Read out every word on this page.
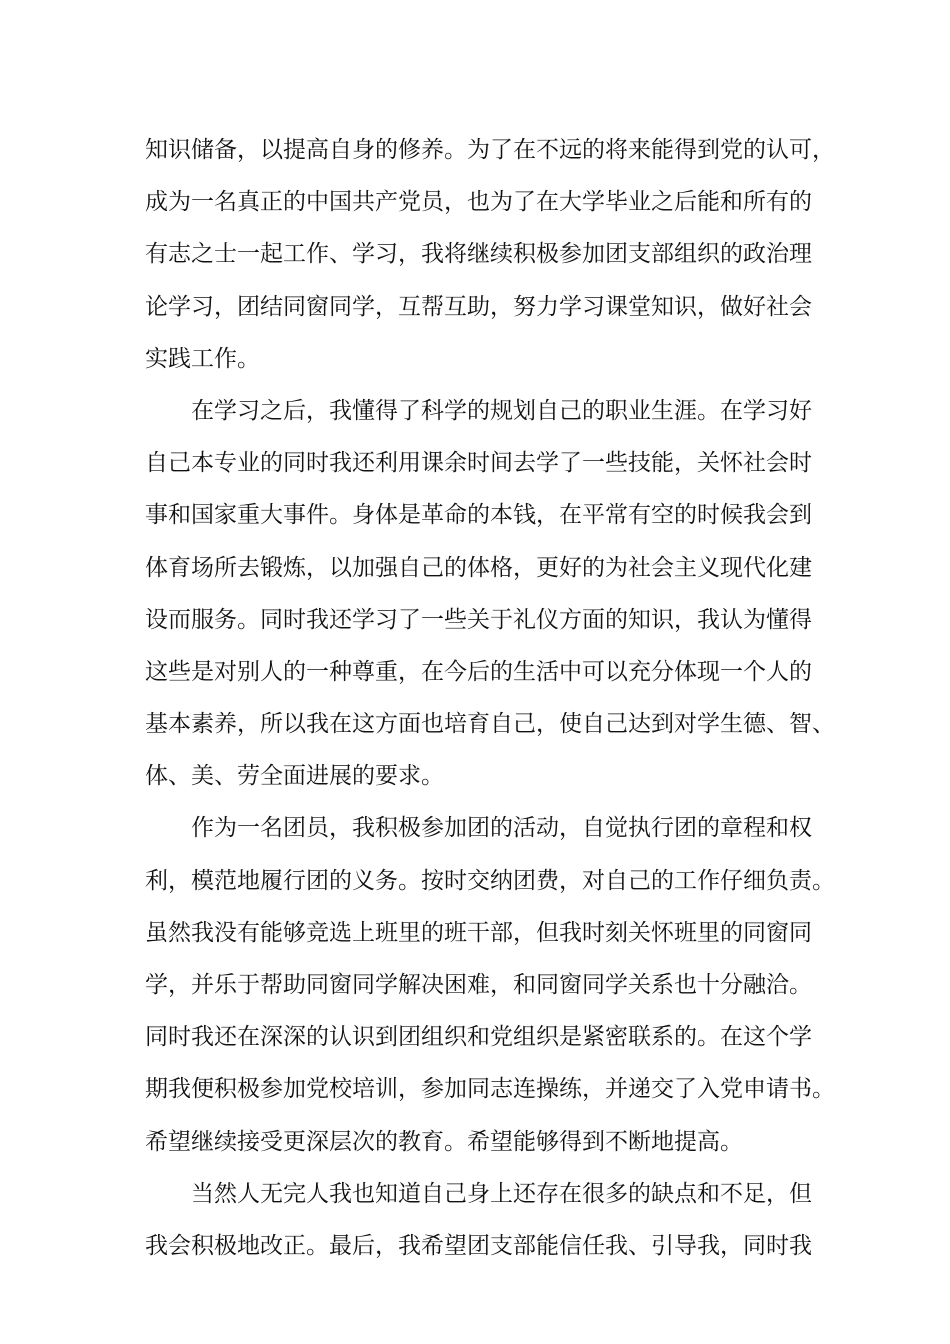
知识储备，以提高自身的修养。为了在不远的将来能得到党的认可，
成为一名真正的中国共产党员，也为了在大学毕业之后能和所有的
有志之士一起工作、学习，我将继续积极参加团支部组织的政治理
论学习，团结同窗同学，互帮互助，努力学习课堂知识，做好社会
实践工作。
在学习之后，我懂得了科学的规划自己的职业生涯。在学习好
自己本专业的同时我还利用课余时间去学了一些技能，关怀社会时
事和国家重大事件。身体是革命的本钱，在平常有空的时候我会到
体育场所去锻炼，以加强自己的体格，更好的为社会主义现代化建
设而服务。同时我还学习了一些关于礼仪方面的知识，我认为懂得
这些是对别人的一种尊重，在今后的生活中可以充分体现一个人的
基本素养，所以我在这方面也培育自己，使自己达到对学生德、智、
体、美、劳全面进展的要求。
作为一名团员，我积极参加团的活动，自觉执行团的章程和权
利，模范地履行团的义务。按时交纳团费，对自己的工作仔细负责。
虽然我没有能够竞选上班里的班干部，但我时刻关怀班里的同窗同
学，并乐于帮助同窗同学解决困难，和同窗同学关系也十分融洽。
同时我还在深深的认识到团组织和党组织是紧密联系的。在这个学
期我便积极参加党校培训，参加同志连操练，并递交了入党申请书。
希望继续接受更深层次的教育。希望能够得到不断地提高。
当然人无完人我也知道自己身上还存在很多的缺点和不足，但
我会积极地改正。最后，我希望团支部能信任我、引导我，同时我
